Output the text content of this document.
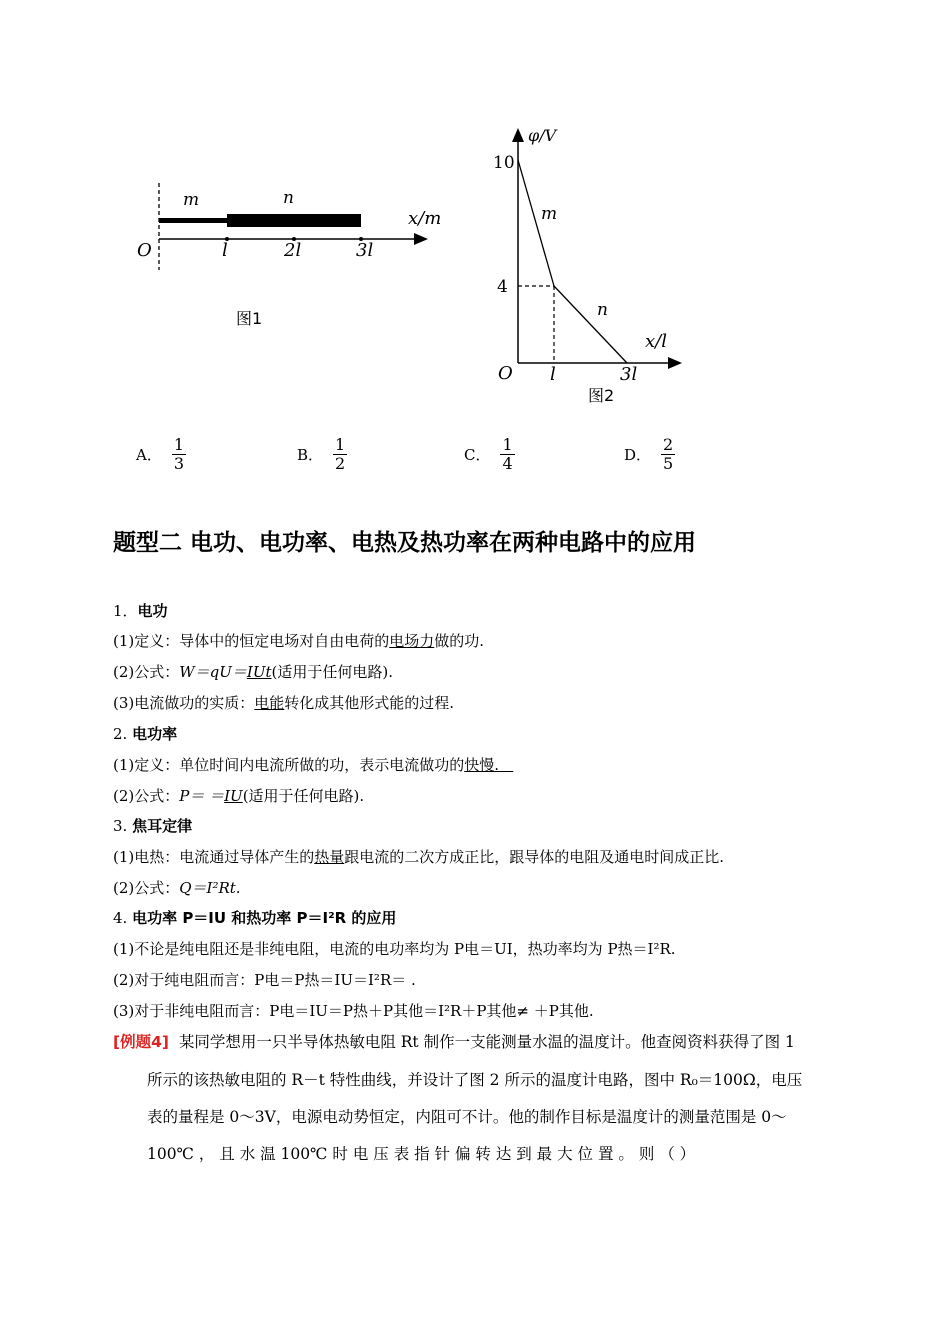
m	n
x/m
O	l	2l	3l
图1
φ/V
10
4
m
n
x/l
O l	3l
图2
A． $\frac{1}{3}$	B． $\frac{1}{2}$	C． $\frac{1}{4}$	D． $\frac{2}{5}$
题型二 电功、电功率、电热及热功率在两种电路中的应用
1．电功
(1)定义：导体中的恒定电场对自由电荷的电场力做的功.
(2)公式：W＝qU＝IUt(适用于任何电路).
(3)电流做功的实质：电能转化成其他形式能的过程.
2. 电功率
(1)定义：单位时间内电流所做的功，表示电流做功的快慢.
(2)公式：P＝ ＝IU(适用于任何电路).
3. 焦耳定律
(1)电热：电流通过导体产生的热量跟电流的二次方成正比，跟导体的电阻及通电时间成正比.
(2)公式：Q＝I²Rt.
4. 电功率 P＝IU 和热功率 P＝I²R 的应用
(1)不论是纯电阻还是非纯电阻，电流的电功率均为 P电＝UI，热功率均为 P热＝I²R.
(2)对于纯电阻而言：P电＝P热＝IU＝I²R＝ .
(3)对于非纯电阻而言：P电＝IU＝P热＋P其他＝I²R＋P其他≠ ＋P其他.
[例题4] 某同学想用一只半导体热敏电阻 Rt 制作一支能测量水温的温度计。他查阅资料获得了图 1
所示的该热敏电阻的 R－t 特性曲线，并设计了图 2 所示的温度计电路，图中 R₀＝100Ω，电压
表的量程是 0～3V，电源电动势恒定，内阻可不计。他的制作目标是温度计的测量范围是 0～
100℃ ， 且 水 温 100℃ 时 电 压 表 指 针 偏 转 达 到 最 大 位 置 。 则 （ ）
